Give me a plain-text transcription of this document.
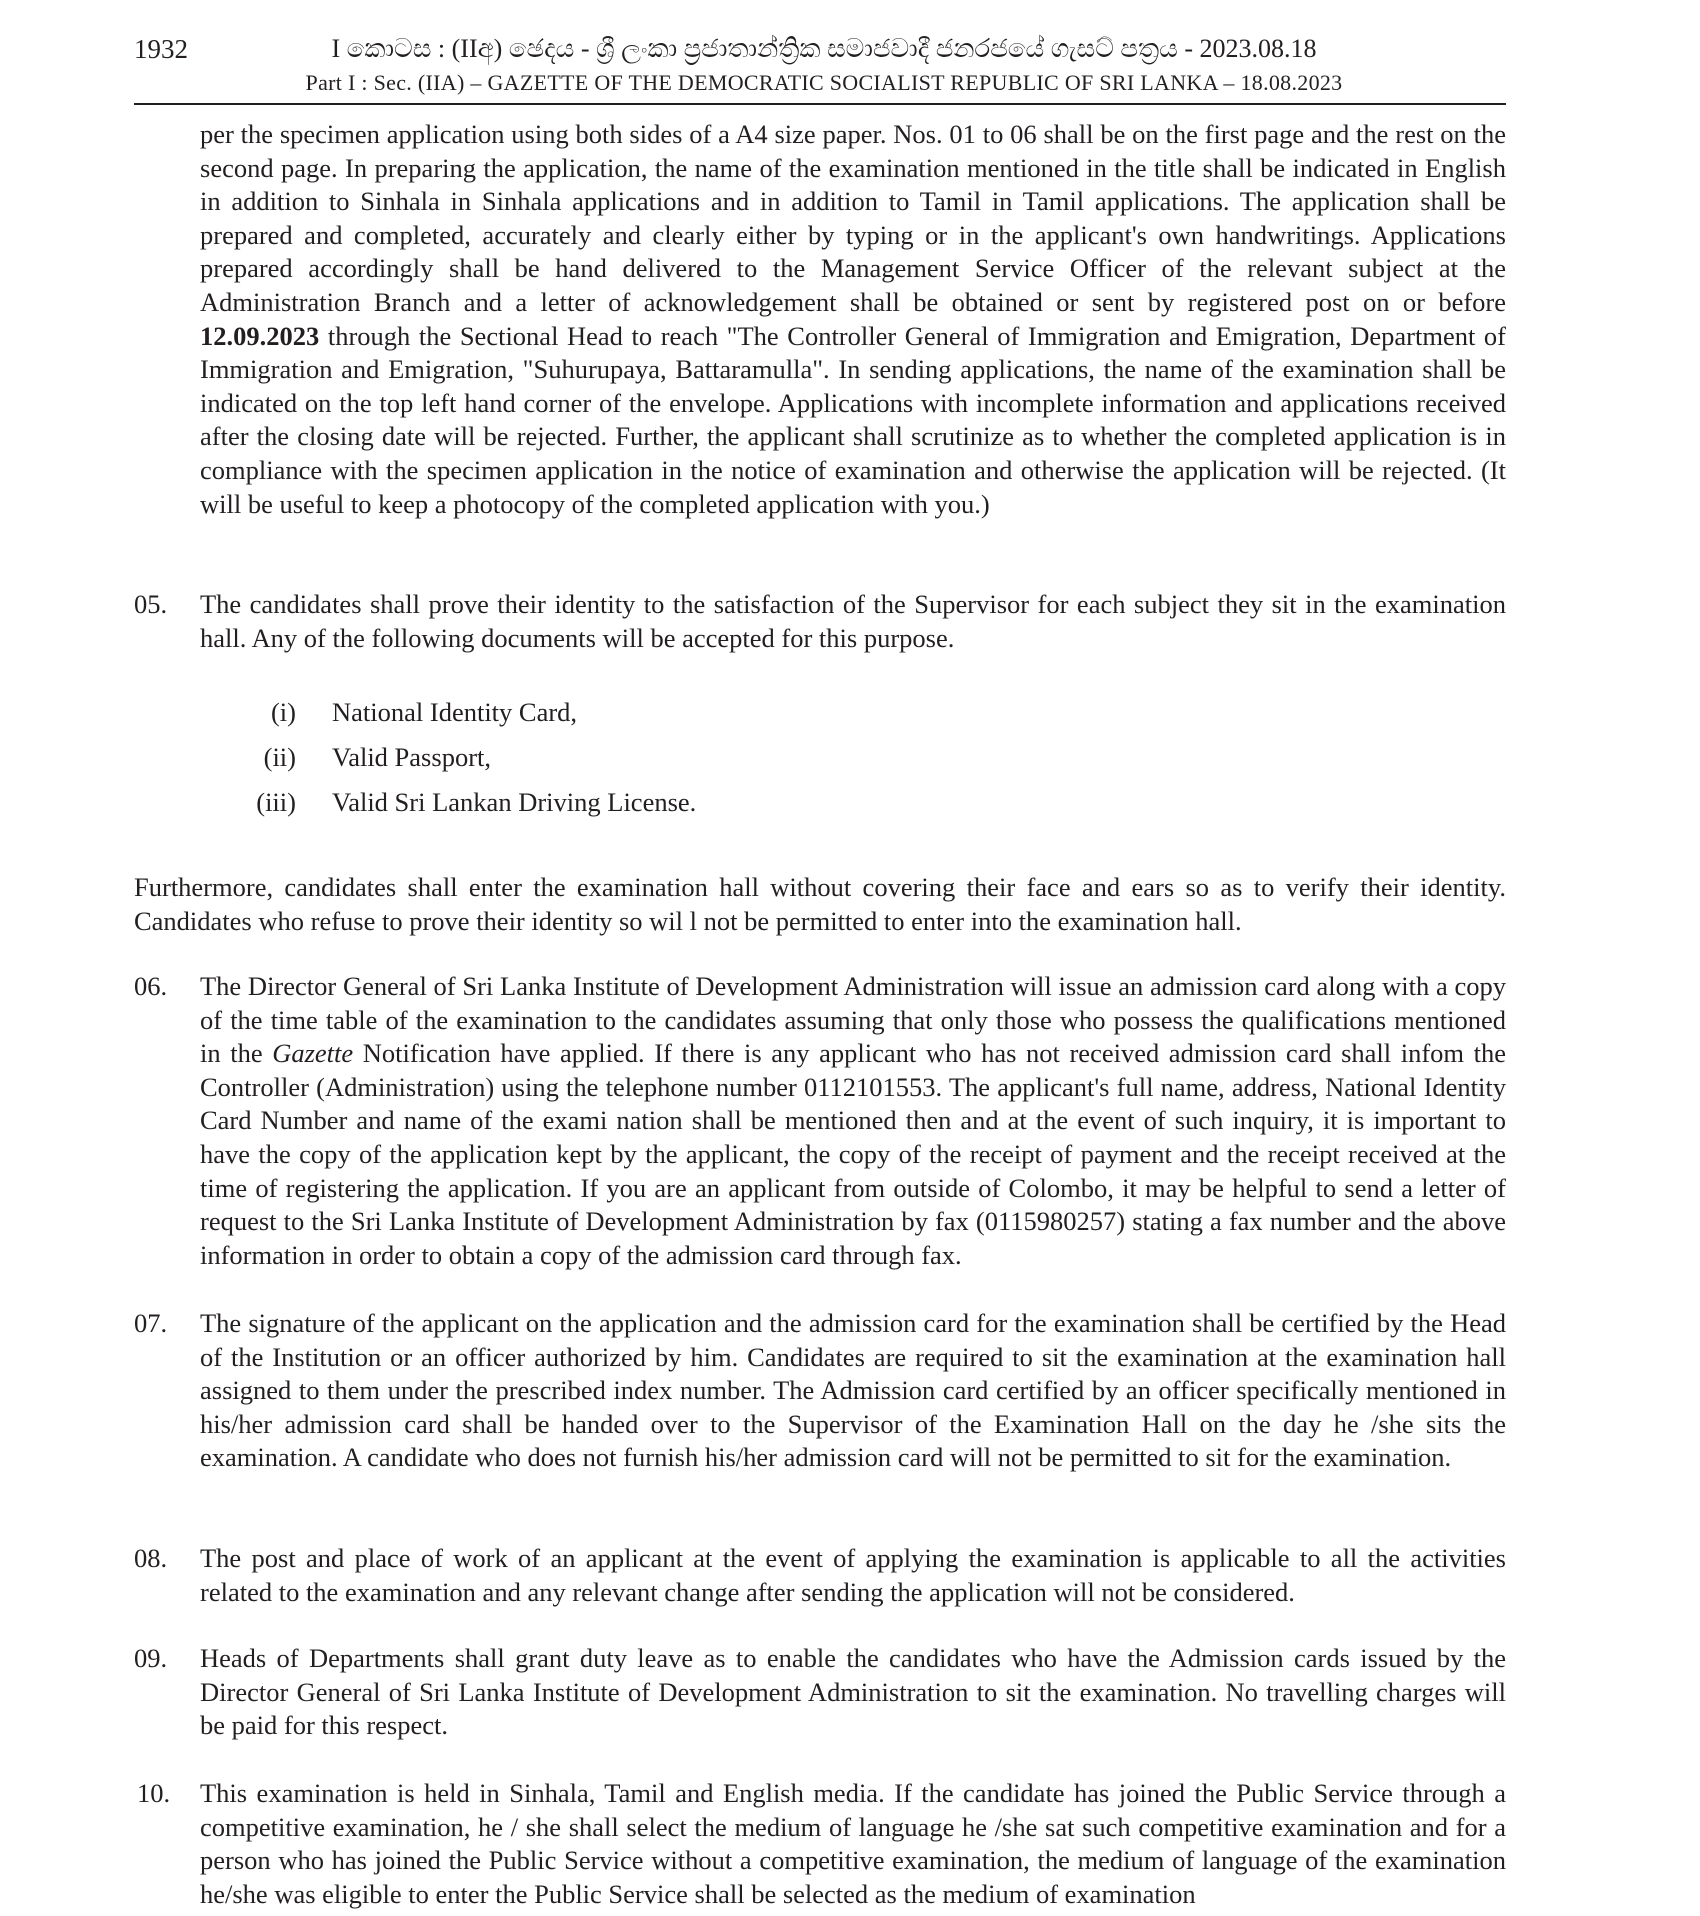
1932	I කොටස : (IIඅ) ඡෙදය - ශ්‍රී ලංකා ප්‍රජාතාන්ත්‍රික සමාජවාදී ජනරජයේ ගැසට් පත්‍රය - 2023.08.18
Part I : Sec. (IIA) – GAZETTE OF THE DEMOCRATIC SOCIALIST REPUBLIC OF SRI LANKA – 18.08.2023

per the specimen application using both sides of a A4 size paper. Nos. 01 to 06 shall be on the first page and the rest on the second page. In preparing the application, the name of the examination mentioned in the title shall be indicated in English in addition to Sinhala in Sinhala applications and in addition to Tamil in Tamil applications. The application shall be prepared and completed, accurately and clearly either by typing or in the applicant's own handwritings. Applications prepared accordingly shall be hand delivered to the Management Service Officer of the relevant subject at the Administration Branch and a letter of acknowledgement shall be obtained or sent by registered post on or before 12.09.2023 through the Sectional Head to reach "The Controller General of Immigration and Emigration, Department of Immigration and Emigration, "Suhurupaya, Battaramulla". In sending applications, the name of the examination shall be indicated on the top left hand corner of the envelope. Applications with incomplete information and applications received after the closing date will be rejected. Further, the applicant shall scrutinize as to whether the completed application is in compliance with the specimen application in the notice of examination and otherwise the application will be rejected. (It will be useful to keep a photocopy of the completed application with you.)

05. The candidates shall prove their identity to the satisfaction of the Supervisor for each subject they sit in the examination hall. Any of the following documents will be accepted for this purpose.

(i) National Identity Card,
(ii) Valid Passport,
(iii) Valid Sri Lankan Driving License.

Furthermore, candidates shall enter the examination hall without covering their face and ears so as to verify their identity. Candidates who refuse to prove their identity so wil l not be permitted to enter into the examination hall.

06. The Director General of Sri Lanka Institute of Development Administration will issue an admission card along with a copy of the time table of the examination to the candidates assuming that only those who possess the qualifications mentioned in the Gazette Notification have applied. If there is any applicant who has not received admission card shall infom the Controller (Administration) using the telephone number 0112101553. The applicant's full name, address, National Identity Card Number and name of the exami nation shall be mentioned then and at the event of such inquiry, it is important to have the copy of the application kept by the applicant, the copy of the receipt of payment and the receipt received at the time of registering the application. If you are an applicant from outside of Colombo, it may be helpful to send a letter of request to the Sri Lanka Institute of Development Administration by fax (0115980257) stating a fax number and the above information in order to obtain a copy of the admission card through fax.

07. The signature of the applicant on the application and the admission card for the examination shall be certified by the Head of the Institution or an officer authorized by him. Candidates are required to sit the examination at the examination hall assigned to them under the prescribed index number. The Admission card certified by an officer specifically mentioned in his/her admission card shall be handed over to the Supervisor of the Examination Hall on the day he /she sits the examination. A candidate who does not furnish his/her admission card will not be permitted to sit for the examination.

08. The post and place of work of an applicant at the event of applying the examination is applicable to all the activities related to the examination and any relevant change after sending the application will not be considered.

09. Heads of Departments shall grant duty leave as to enable the candidates who have the Admission cards issued by the Director General of Sri Lanka Institute of Development Administration to sit the examination. No travelling charges will be paid for this respect.

10. This examination is held in Sinhala, Tamil and English media. If the candidate has joined the Public Service through a competitive examination, he / she shall select the medium of language he /she sat such competitive examination and for a person who has joined the Public Service without a competitive examination, the medium of language of the examination he/she was eligible to enter the Public Service shall be selected as the medium of examination
